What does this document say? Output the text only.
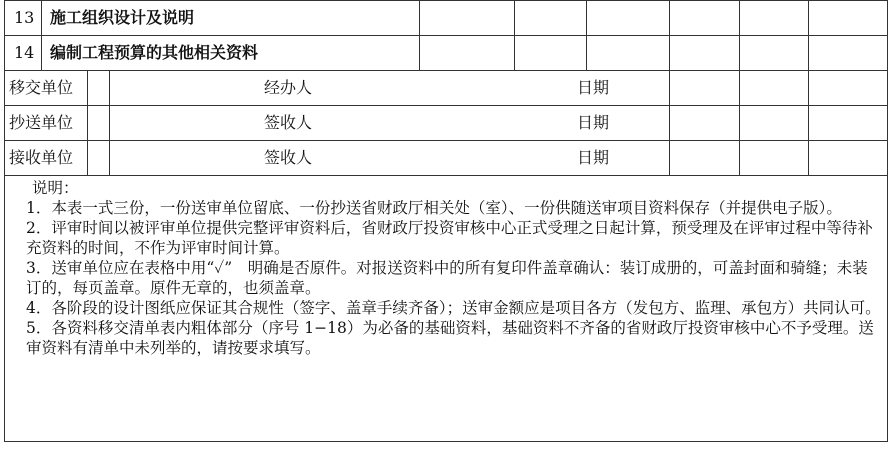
13 施工组织设计及说明
14 编制工程预算的其他相关资料
移交单位	经办人	日期
抄送单位	签收人	日期
接收单位	签收人	日期

说明：

1．本表一式三份，一份送审单位留底、一份抄送省财政厅相关处（室）、一份供随送审项目资料保存（并提供电子版）。

2．评审时间以被评审单位提供完整评审资料后，省财政厅投资审核中心正式受理之日起计算，预受理及在评审过程中等待补充资料的时间，不作为评审时间计算。

3．送审单位应在表格中用“✓”　明确是否原件。对报送资料中的所有复印件盖章确认：装订成册的，可盖封面和骑缝；未装订的，每页盖章。原件无章的，也须盖章。

4．各阶段的设计图纸应保证其合规性（签字、盖章手续齐备）；送审金额应是项目各方（发包方、监理、承包方）共同认可。

5．各资料移交清单表内粗体部分（序号 1−18）为必备的基础资料，基础资料不齐备的省财政厅投资审核中心不予受理。送审资料有清单中未列举的，请按要求填写。
